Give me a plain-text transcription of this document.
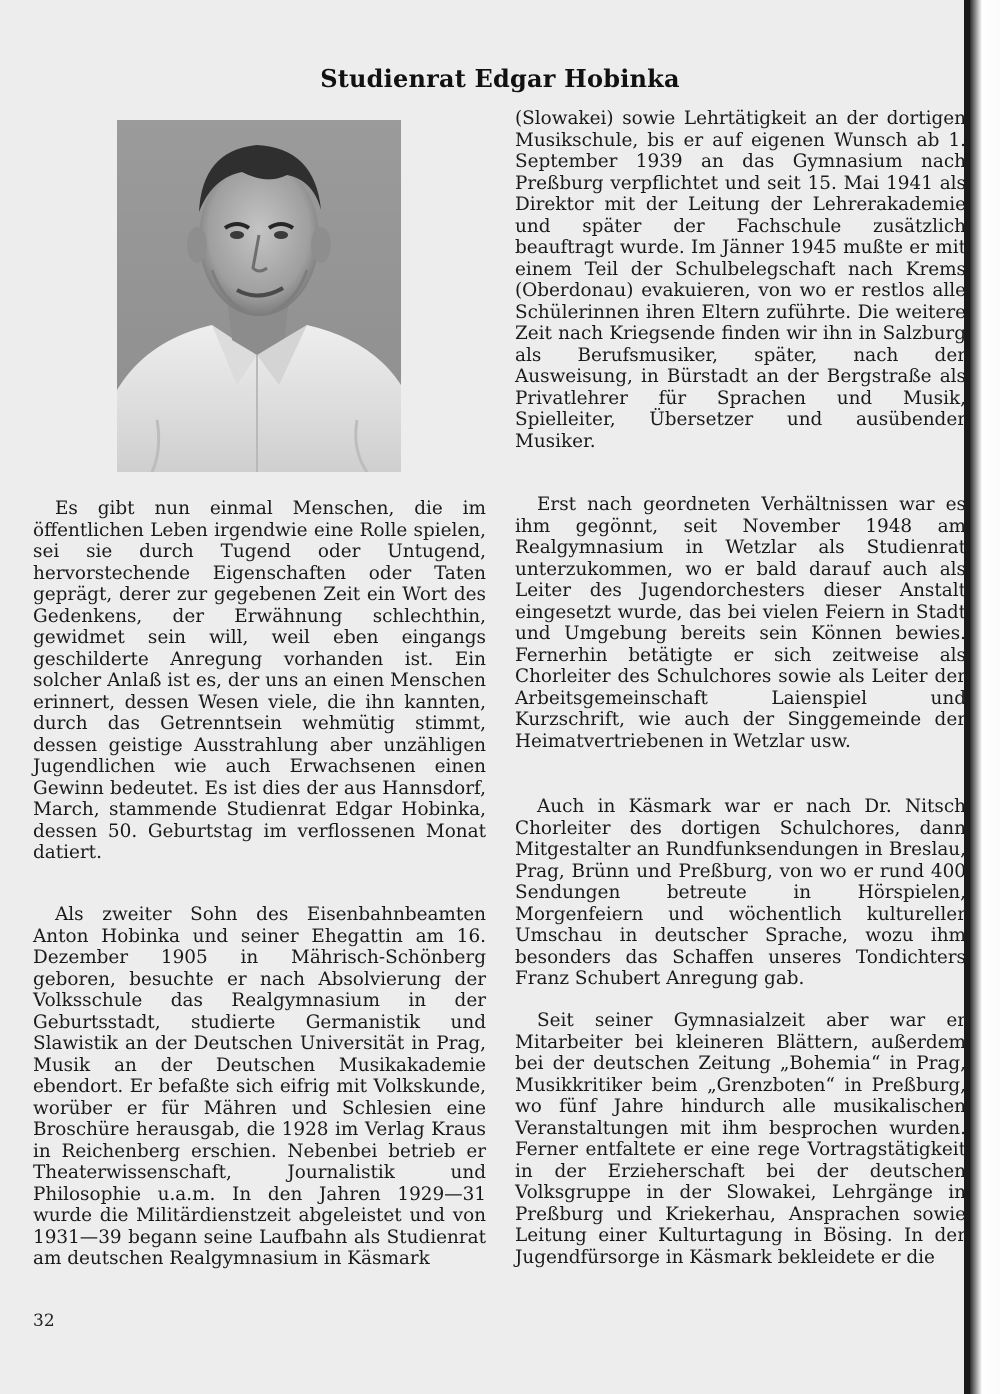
Studienrat Edgar Hobinka

Es gibt nun einmal Menschen, die im öffentlichen Leben irgendwie eine Rolle spielen, sei sie durch Tugend oder Untugend, hervorstechende Eigenschaften oder Taten geprägt, derer zur gegebenen Zeit ein Wort des Gedenkens, der Erwähnung schlechthin, gewidmet sein will, weil eben eingangs geschilderte Anregung vorhanden ist. Ein solcher Anlaß ist es, der uns an einen Menschen erinnert, dessen Wesen viele, die ihn kannten, durch das Getrenntsein wehmütig stimmt, dessen geistige Ausstrahlung aber unzähligen Jugendlichen wie auch Erwachsenen einen Gewinn bedeutet. Es ist dies der aus Hannsdorf, March, stammende Studienrat Edgar Hobinka, dessen 50. Geburtstag im verflossenen Monat datiert.

Als zweiter Sohn des Eisenbahnbeamten Anton Hobinka und seiner Ehegattin am 16. Dezember 1905 in Mährisch-Schönberg geboren, besuchte er nach Absolvierung der Volksschule das Realgymnasium in der Geburtsstadt, studierte Germanistik und Slawistik an der Deutschen Universität in Prag, Musik an der Deutschen Musikakademie ebendort. Er befaßte sich eifrig mit Volkskunde, worüber er für Mähren und Schlesien eine Broschüre herausgab, die 1928 im Verlag Kraus in Reichenberg erschien. Nebenbei betrieb er Theaterwissenschaft, Journalistik und Philosophie u.a.m. In den Jahren 1929—31 wurde die Militärdienstzeit abgeleistet und von 1931—39 begann seine Laufbahn als Studienrat am deutschen Realgymnasium in Käsmark

(Slowakei) sowie Lehrtätigkeit an der dortigen Musikschule, bis er auf eigenen Wunsch ab 1. September 1939 an das Gymnasium nach Preßburg verpflichtet und seit 15. Mai 1941 als Direktor mit der Leitung der Lehrerakademie und später der Fachschule zusätzlich beauftragt wurde. Im Jänner 1945 mußte er mit einem Teil der Schulbelegschaft nach Krems (Oberdonau) evakuieren, von wo er restlos alle Schülerinnen ihren Eltern zuführte. Die weitere Zeit nach Kriegsende finden wir ihn in Salzburg als Berufsmusiker, später, nach der Ausweisung, in Bürstadt an der Bergstraße als Privatlehrer für Sprachen und Musik, Spielleiter, Übersetzer und ausübender Musiker.

Erst nach geordneten Verhältnissen war es ihm gegönnt, seit November 1948 am Realgymnasium in Wetzlar als Studienrat unterzukommen, wo er bald darauf auch als Leiter des Jugendorchesters dieser Anstalt eingesetzt wurde, das bei vielen Feiern in Stadt und Umgebung bereits sein Können bewies. Fernerhin betätigte er sich zeitweise als Chorleiter des Schulchores sowie als Leiter der Arbeitsgemeinschaft Laienspiel und Kurzschrift, wie auch der Singgemeinde der Heimatvertriebenen in Wetzlar usw.

Auch in Käsmark war er nach Dr. Nitsch Chorleiter des dortigen Schulchores, dann Mitgestalter an Rundfunksendungen in Breslau, Prag, Brünn und Preßburg, von wo er rund 400 Sendungen betreute in Hörspielen, Morgenfeiern und wöchentlich kultureller Umschau in deutscher Sprache, wozu ihm besonders das Schaffen unseres Tondichters Franz Schubert Anregung gab.

Seit seiner Gymnasialzeit aber war er Mitarbeiter bei kleineren Blättern, außerdem bei der deutschen Zeitung „Bohemia“ in Prag, Musikkritiker beim „Grenzboten“ in Preßburg, wo fünf Jahre hindurch alle musikalischen Veranstaltungen mit ihm besprochen wurden. Ferner entfaltete er eine rege Vortragstätigkeit in der Erzieherschaft bei der deutschen Volksgruppe in der Slowakei, Lehrgänge in Preßburg und Kriekerhau, Ansprachen sowie Leitung einer Kulturtagung in Bösing. In der Jugendfürsorge in Käsmark bekleidete er die

32
